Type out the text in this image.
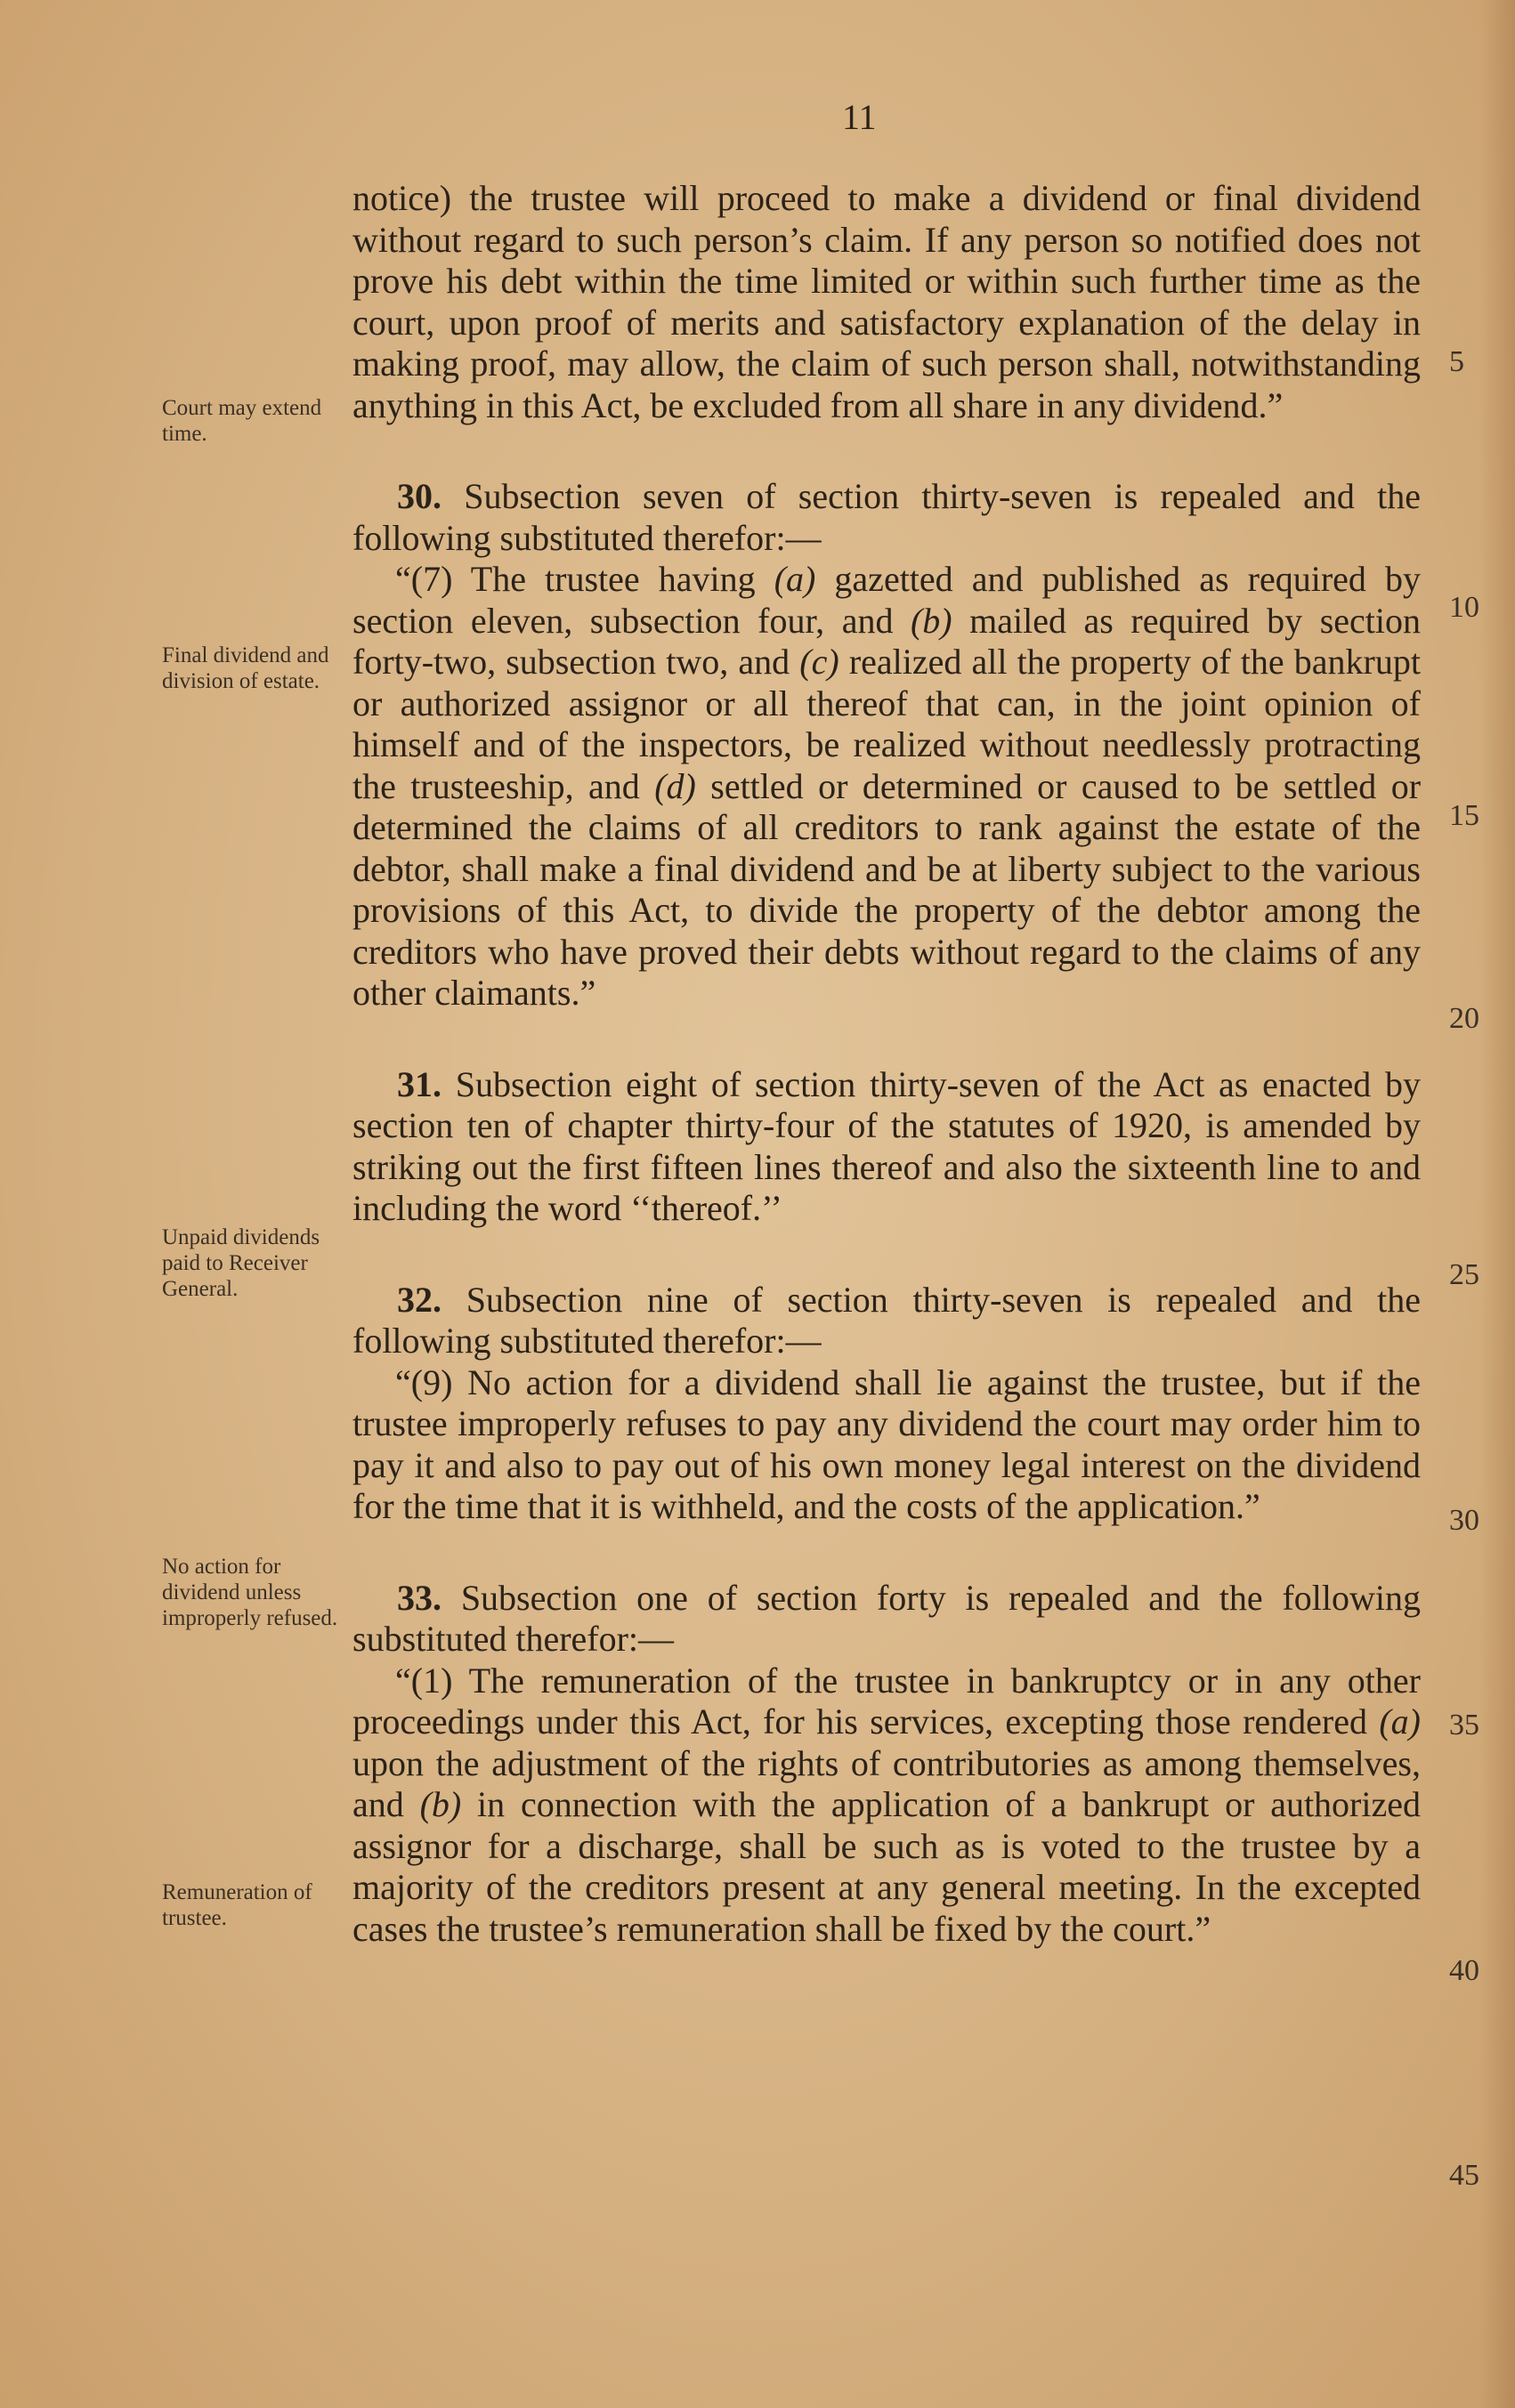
11
Court may extend time.
Final dividend and division of estate.
Unpaid dividends paid to Receiver General.
No action for dividend unless improperly refused.
Remuneration of trustee.
5
10
15
20
25
30
35
40
45

notice) the trustee will proceed to make a dividend or final dividend without regard to such person’s claim. If any person so notified does not prove his debt within the time limited or within such further time as the court, upon proof of merits and satisfactory explanation of the delay in making proof, may allow, the claim of such person shall, notwithstanding anything in this Act, be excluded from all share in any dividend.”

30. Subsection seven of section thirty-seven is repealed and the following substituted therefor:—

“(7) The trustee having (a) gazetted and published as required by section eleven, subsection four, and (b) mailed as required by section forty-two, subsection two, and (c) realized all the property of the bankrupt or authorized assignor or all thereof that can, in the joint opinion of himself and of the inspectors, be realized without needlessly protracting the trusteeship, and (d) settled or determined or caused to be settled or determined the claims of all creditors to rank against the estate of the debtor, shall make a final dividend and be at liberty subject to the various provisions of this Act, to divide the property of the debtor among the creditors who have proved their debts without regard to the claims of any other claimants.”

31. Subsection eight of section thirty-seven of the Act as enacted by section ten of chapter thirty-four of the statutes of 1920, is amended by striking out the first fifteen lines thereof and also the sixteenth line to and including the word ‘‘thereof.’’

32. Subsection nine of section thirty-seven is repealed and the following substituted therefor:—

“(9) No action for a dividend shall lie against the trustee, but if the trustee improperly refuses to pay any dividend the court may order him to pay it and also to pay out of his own money legal interest on the dividend for the time that it is withheld, and the costs of the application.”

33. Subsection one of section forty is repealed and the following substituted therefor:—

“(1) The remuneration of the trustee in bankruptcy or in any other proceedings under this Act, for his services, excepting those rendered (a) upon the adjustment of the rights of contributories as among themselves, and (b) in connection with the application of a bankrupt or authorized assignor for a discharge, shall be such as is voted to the trustee by a majority of the creditors present at any general meeting. In the excepted cases the trustee’s remuneration shall be fixed by the court.”
